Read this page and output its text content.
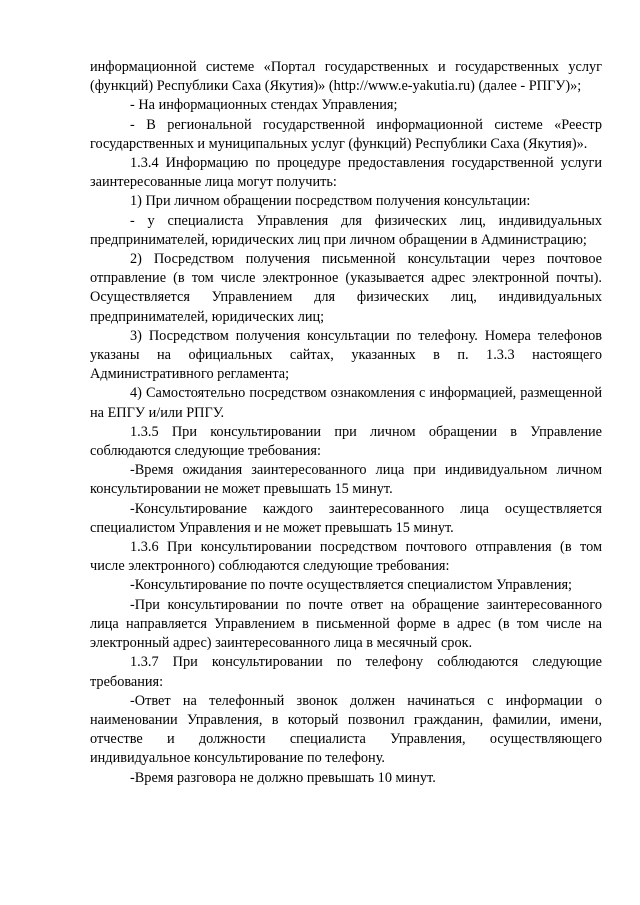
информационной системе «Портал государственных и государственных услуг (функций) Республики Саха (Якутия)» (http://www.e-yakutia.ru) (далее - РПГУ)»;

- На информационных стендах Управления;

- В региональной государственной информационной системе «Реестр государственных и муниципальных услуг (функций) Республики Саха (Якутия)».

1.3.4 Информацию по процедуре предоставления государственной услуги заинтересованные лица могут получить:

1) При личном обращении посредством получения консультации:

- у специалиста Управления для физических лиц, индивидуальных предпринимателей, юридических лиц при личном обращении в Администрацию;

2) Посредством получения письменной консультации через почтовое отправление (в том числе электронное (указывается адрес электронной почты). Осуществляется Управлением для физических лиц, индивидуальных предпринимателей, юридических лиц;

3) Посредством получения консультации по телефону. Номера телефонов указаны на официальных сайтах, указанных в п. 1.3.3 настоящего Административного регламента;

4) Самостоятельно посредством ознакомления с информацией, размещенной на ЕПГУ и/или РПГУ.

1.3.5 При консультировании при личном обращении в Управление соблюдаются следующие требования:

-Время ожидания заинтересованного лица при индивидуальном личном консультировании не может превышать 15 минут.

-Консультирование каждого заинтересованного лица осуществляется специалистом Управления и не может превышать 15 минут.

1.3.6 При консультировании посредством почтового отправления (в том числе электронного) соблюдаются следующие требования:

-Консультирование по почте осуществляется специалистом Управления;

-При консультировании по почте ответ на обращение заинтересованного лица направляется Управлением в письменной форме в адрес (в том числе на электронный адрес) заинтересованного лица в месячный срок.

1.3.7 При консультировании по телефону соблюдаются следующие требования:

-Ответ на телефонный звонок должен начинаться с информации о наименовании Управления, в который позвонил гражданин, фамилии, имени, отчестве и должности специалиста Управления, осуществляющего индивидуальное консультирование по телефону.

-Время разговора не должно превышать 10 минут.
